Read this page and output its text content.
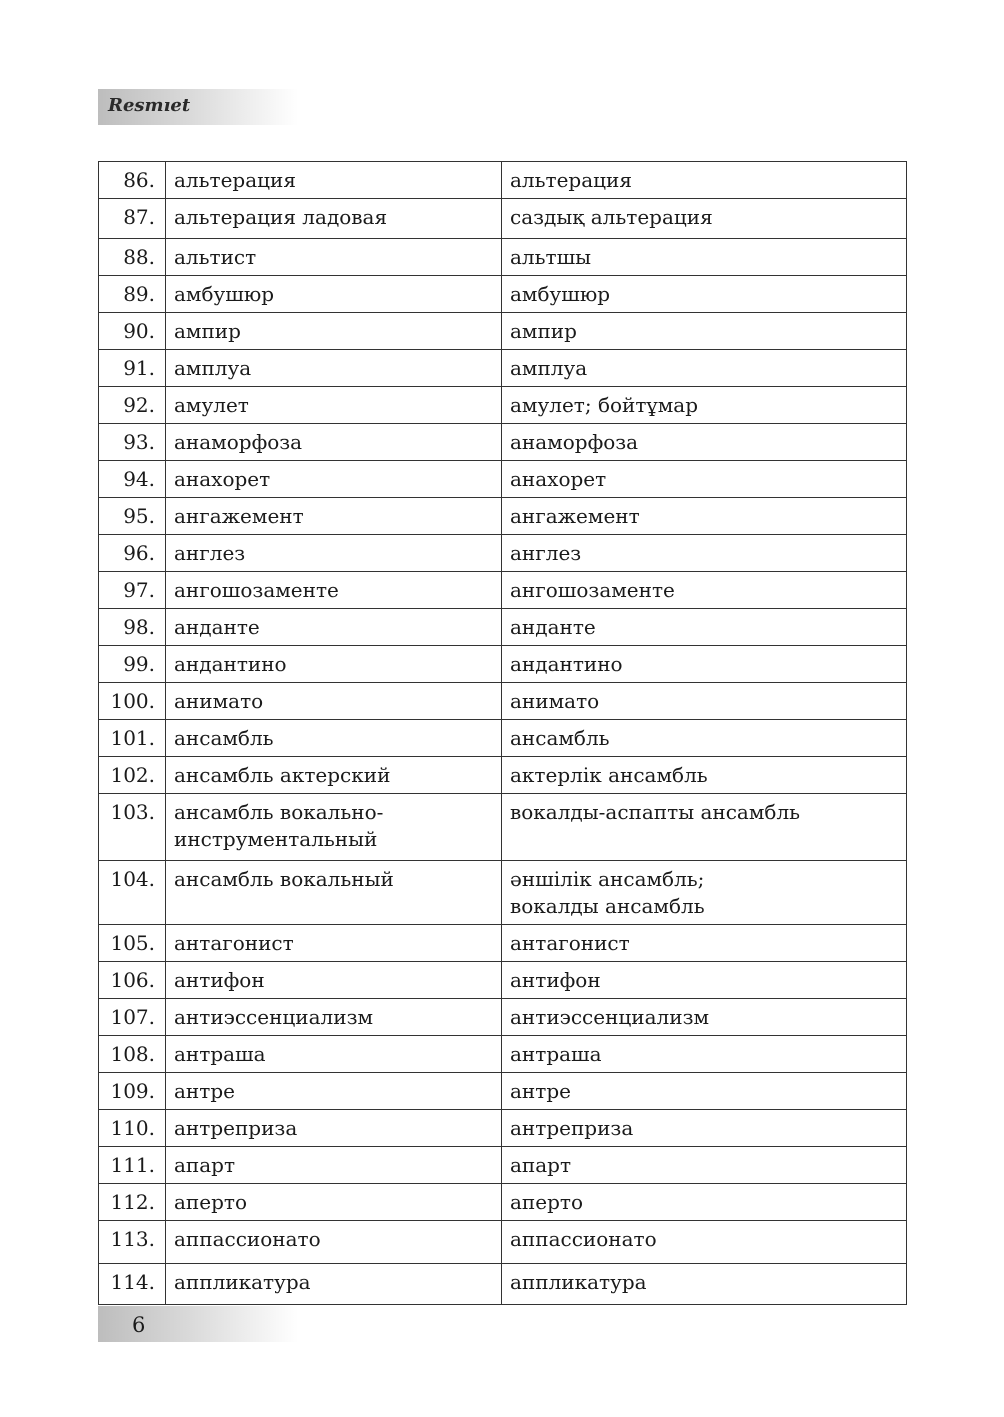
Resmıet
86.	альтерация	альтерация
87.	альтерация ладовая	саздық альтерация
88.	альтист	альтшы
89.	амбушюр	амбушюр
90.	ампир	ампир
91.	амплуа	амплуа
92.	амулет	амулет; бойтұмар
93.	анаморфоза	анаморфоза
94.	анахорет	анахорет
95.	ангажемент	ангажемент
96.	англез	англез
97.	ангошозаменте	ангошозаменте
98.	анданте	анданте
99.	андантино	андантино
100.	анимато	анимато
101.	ансамбль	ансамбль
102.	ансамбль актерский	актерлік ансамбль
103.	ансамбль вокально-
инструментальный	вокалды-аспапты ансамбль
104.	ансамбль вокальный	әншілік ансамбль;
вокалды ансамбль
105.	антагонист	антагонист
106.	антифон	антифон
107.	антиэссенциализм	антиэссенциализм
108.	антраша	антраша
109.	антре	антре
110.	антреприза	антреприза
111.	апарт	апарт
112.	аперто	аперто
113.	аппассионато	аппассионато
114.	аппликатура	аппликатура
6
